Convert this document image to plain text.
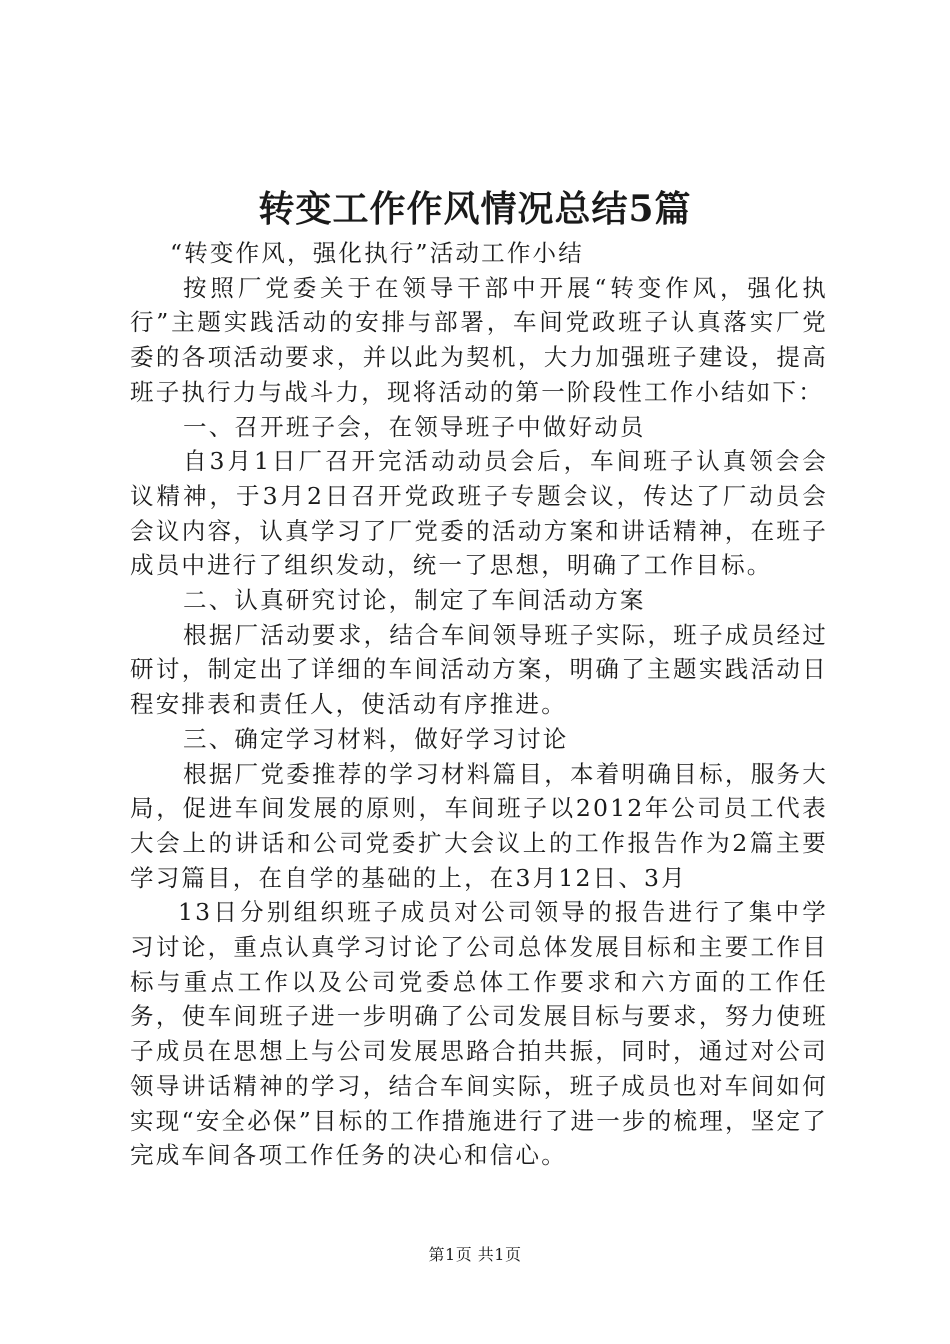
转变工作作风情况总结5篇

“转变作风，强化执行”活动工作小结

按照厂党委关于在领导干部中开展“转变作风，强化执行”主题实践活动的安排与部署，车间党政班子认真落实厂党委的各项活动要求，并以此为契机，大力加强班子建设，提高班子执行力与战斗力，现将活动的第一阶段性工作小结如下：

一、召开班子会，在领导班子中做好动员

自3月1日厂召开完活动动员会后，车间班子认真领会会议精神，于3月2日召开党政班子专题会议，传达了厂动员会会议内容，认真学习了厂党委的活动方案和讲话精神，在班子成员中进行了组织发动，统一了思想，明确了工作目标。

二、认真研究讨论，制定了车间活动方案

根据厂活动要求，结合车间领导班子实际，班子成员经过研讨，制定出了详细的车间活动方案，明确了主题实践活动日程安排表和责任人，使活动有序推进。

三、确定学习材料，做好学习讨论

根据厂党委推荐的学习材料篇目，本着明确目标，服务大局，促进车间发展的原则，车间班子以2012年公司员工代表大会上的讲话和公司党委扩大会议上的工作报告作为2篇主要学习篇目，在自学的基础的上，在3月12日、3月

13日分别组织班子成员对公司领导的报告进行了集中学习讨论，重点认真学习讨论了公司总体发展目标和主要工作目标与重点工作以及公司党委总体工作要求和六方面的工作任务，使车间班子进一步明确了公司发展目标与要求，努力使班子成员在思想上与公司发展思路合拍共振，同时，通过对公司领导讲话精神的学习，结合车间实际，班子成员也对车间如何实现“安全必保”目标的工作措施进行了进一步的梳理，坚定了完成车间各项工作任务的决心和信心。

第1页 共1页
